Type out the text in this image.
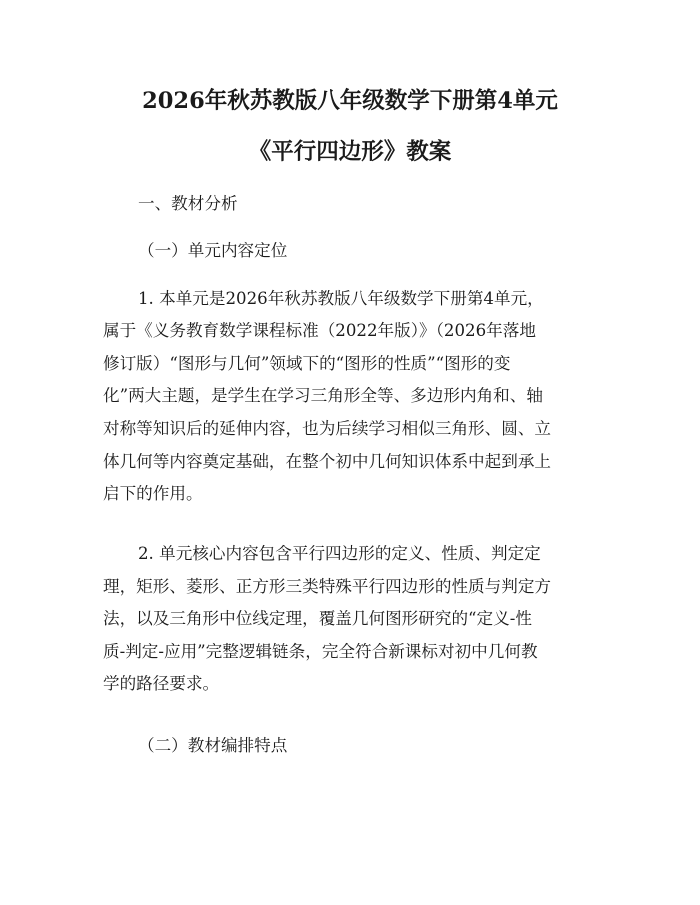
2026年秋苏教版八年级数学下册第4单元
《平行四边形》教案

一、教材分析

（一）单元内容定位

1. 本单元是2026年秋苏教版八年级数学下册第4单元，

属于《义务教育数学课程标准（2022年版）》（2026年落地

修订版）“图形与几何”领域下的“图形的性质”“图形的变

化”两大主题，是学生在学习三角形全等、多边形内角和、轴

对称等知识后的延伸内容，也为后续学习相似三角形、圆、立

体几何等内容奠定基础，在整个初中几何知识体系中起到承上

启下的作用。

2. 单元核心内容包含平行四边形的定义、性质、判定定

理，矩形、菱形、正方形三类特殊平行四边形的性质与判定方

法，以及三角形中位线定理，覆盖几何图形研究的“定义-性

质-判定-应用”完整逻辑链条，完全符合新课标对初中几何教

学的路径要求。

（二）教材编排特点
